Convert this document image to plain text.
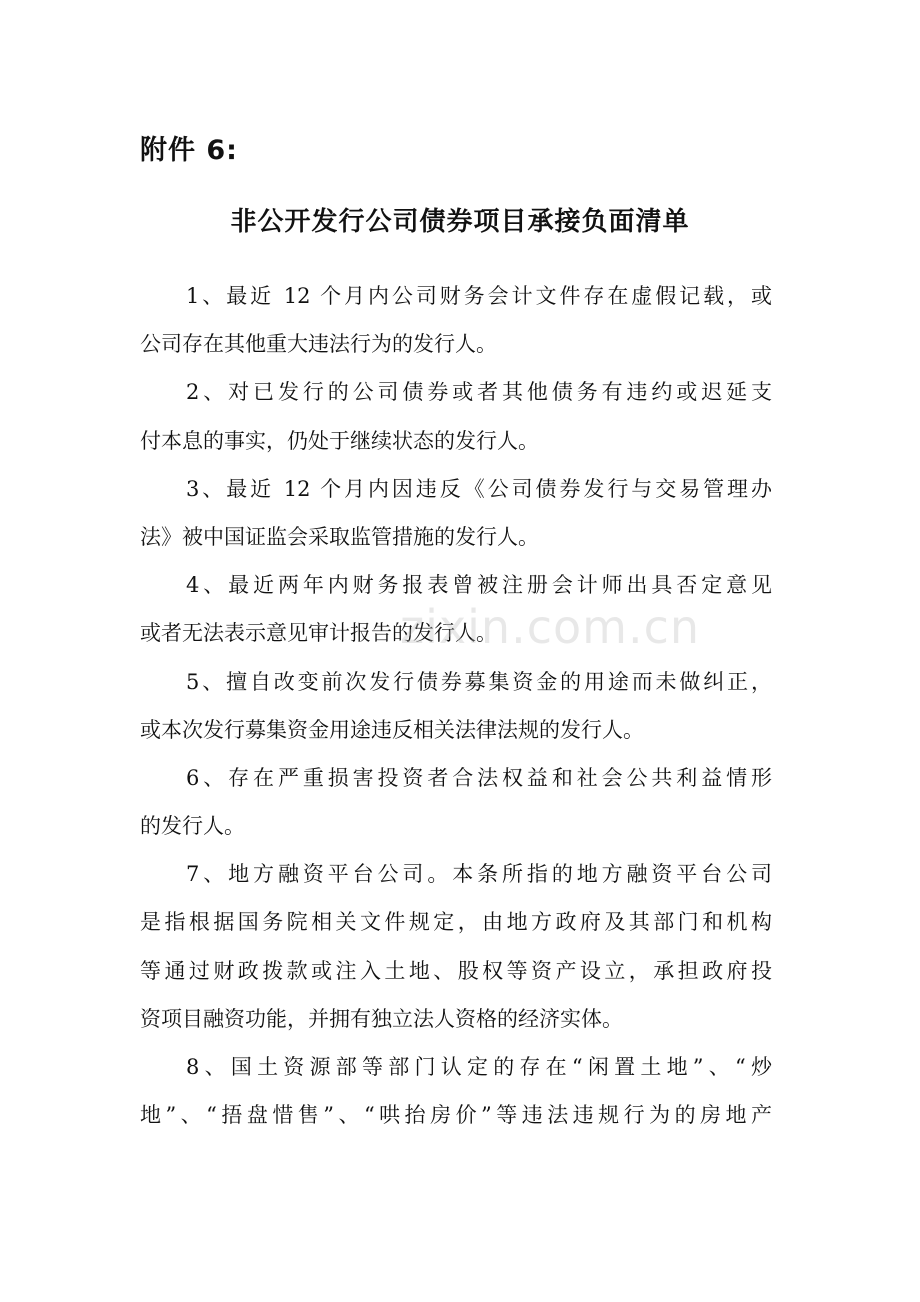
附件 6:
非公开发行公司债券项目承接负面清单
1、最近 12 个月内公司财务会计文件存在虚假记载，或
公司存在其他重大违法行为的发行人。
2、对已发行的公司债券或者其他债务有违约或迟延支
付本息的事实，仍处于继续状态的发行人。
3、最近 12 个月内因违反《公司债券发行与交易管理办
法》被中国证监会采取监管措施的发行人。
4、最近两年内财务报表曾被注册会计师出具否定意见
或者无法表示意见审计报告的发行人。
5、擅自改变前次发行债券募集资金的用途而未做纠正，
或本次发行募集资金用途违反相关法律法规的发行人。
6、存在严重损害投资者合法权益和社会公共利益情形
的发行人。
7、地方融资平台公司。本条所指的地方融资平台公司
是指根据国务院相关文件规定，由地方政府及其部门和机构
等通过财政拨款或注入土地、股权等资产设立，承担政府投
资项目融资功能，并拥有独立法人资格的经济实体。
8、国土资源部等部门认定的存在“闲置土地”、“炒
地”、“捂盘惜售”、“哄抬房价”等违法违规行为的房地产
zixin.com.cn
